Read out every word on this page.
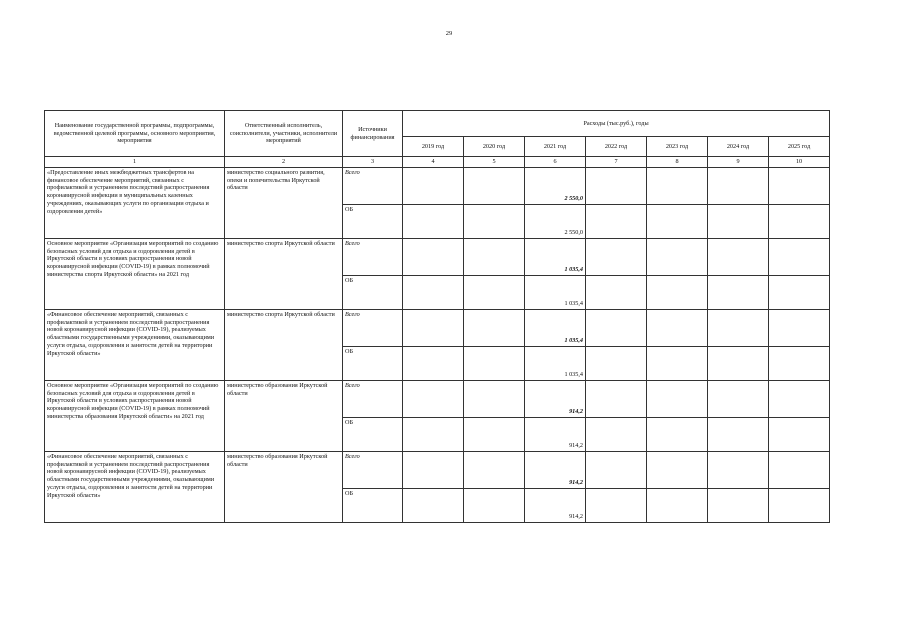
29
Наименование государственной программы, подпрограммы, ведомственной целевой программы, основного мероприятия, мероприятия	Ответственный исполнитель, соисполнители, участники, исполнители мероприятий	Источники финансирования	Расходы (тыс.руб.), годы						
			2019 год	2020 год	2021 год	2022 год	2023 год	2024 год	2025 год
1	2	3	4	5	6	7	8	9	10
«Предоставление иных межбюджетных трансфертов на финансовое обеспечение мероприятий, связанных с профилактикой и устранением последствий распространения коронавирусной инфекции в муниципальных казенных учреждениях, оказывающих услуги по организации отдыха и оздоровления детей»	министерство социального развития, опеки и попечительства Иркутской области	Всего			2 550,0				

		ОБ			2 550,0				

Основное мероприятие «Организация мероприятий по созданию безопасных условий для отдыха и оздоровления детей в Иркутской области в условиях распространения новой коронавирусной инфекции (COVID-19) в рамках полномочий министерства спорта Иркутской области» на 2021 год	министерство спорта Иркутской области	Всего			1 035,4				

		ОБ			1 035,4				

«Финансовое обеспечение мероприятий, связанных с профилактикой и устранением последствий распространения новой коронавирусной инфекции (COVID-19), реализуемых областными государственными учреждениями, оказывающими услуги отдыха, оздоровления и занятости детей на территории Иркутской области»	министерство спорта Иркутской области	Всего			1 035,4				

		ОБ			1 035,4				

Основное мероприятие «Организация мероприятий по созданию безопасных условий для отдыха и оздоровления детей в Иркутской области в условиях распространения новой коронавирусной инфекции (COVID-19) в рамках полномочий министерства образования Иркутской области» на 2021 год	министерство образования Иркутской области	Всего			914,2				

		ОБ			914,2				

«Финансовое обеспечение мероприятий, связанных с профилактикой и устранением последствий распространения новой коронавирусной инфекции (COVID-19), реализуемых областными государственными учреждениями, оказывающими услуги отдыха, оздоровления и занятости детей на территории Иркутской области»	министерство образования Иркутской области	Всего			914,2				

		ОБ			914,2				
